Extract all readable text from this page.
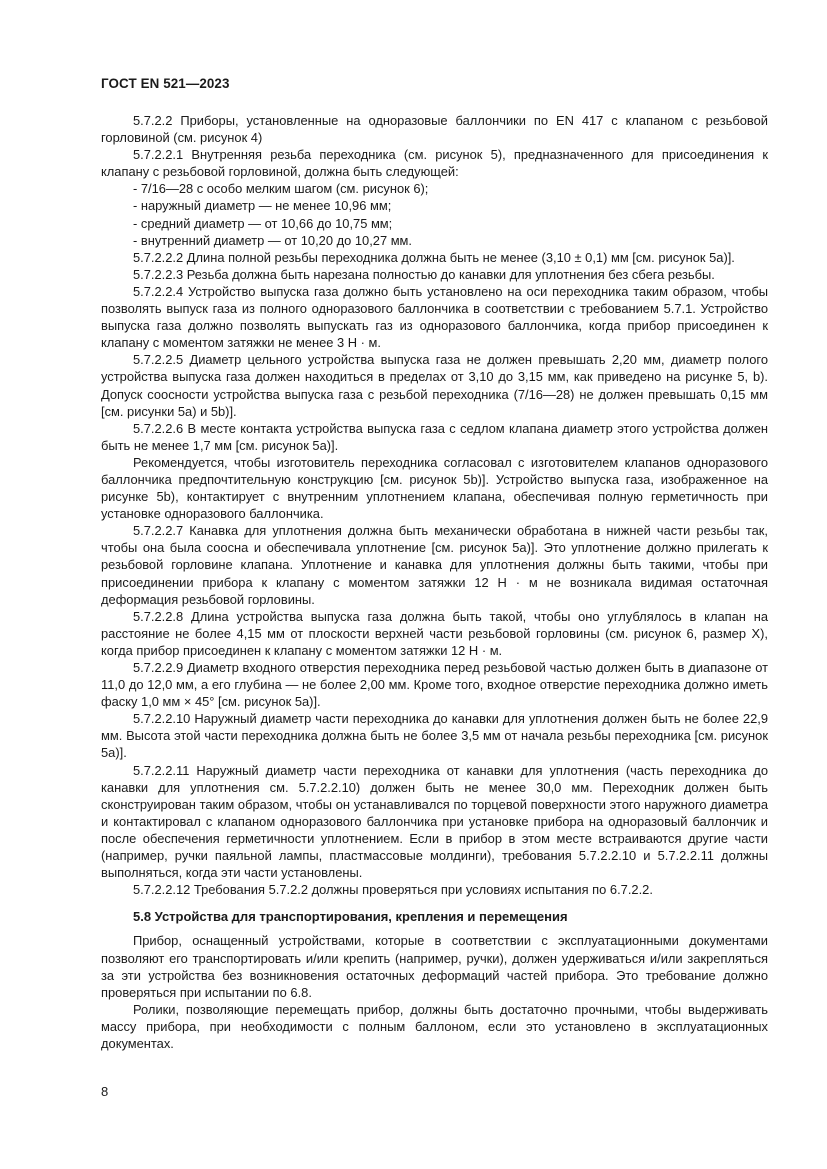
ГОСТ EN 521—2023

5.7.2.2 Приборы, установленные на одноразовые баллончики по EN 417 с клапаном с резьбовой горловиной (см. рисунок 4)

5.7.2.2.1 Внутренняя резьба переходника (см. рисунок 5), предназначенного для присоединения к клапану с резьбовой горловиной, должна быть следующей:

- 7/16—28 с особо мелким шагом (см. рисунок 6);

- наружный диаметр — не менее 10,96 мм;

- средний диаметр — от 10,66 до 10,75 мм;

- внутренний диаметр — от 10,20 до 10,27 мм.

5.7.2.2.2 Длина полной резьбы переходника должна быть не менее (3,10 ± 0,1) мм [см. рисунок 5a)].

5.7.2.2.3 Резьба должна быть нарезана полностью до канавки для уплотнения без сбега резьбы.

5.7.2.2.4 Устройство выпуска газа должно быть установлено на оси переходника таким образом, чтобы позволять выпуск газа из полного одноразового баллончика в соответствии с требованием 5.7.1. Устройство выпуска газа должно позволять выпускать газ из одноразового баллончика, когда прибор присоединен к клапану с моментом затяжки не менее 3 Н · м.

5.7.2.2.5 Диаметр цельного устройства выпуска газа не должен превышать 2,20 мм, диаметр полого устройства выпуска газа должен находиться в пределах от 3,10 до 3,15 мм, как приведено на рисунке 5, b). Допуск соосности устройства выпуска газа с резьбой переходника (7/16—28) не должен превышать 0,15 мм [см. рисунки 5a) и 5b)].

5.7.2.2.6 В месте контакта устройства выпуска газа с седлом клапана диаметр этого устройства должен быть не менее 1,7 мм [см. рисунок 5a)].

Рекомендуется, чтобы изготовитель переходника согласовал с изготовителем клапанов одноразового баллончика предпочтительную конструкцию [см. рисунок 5b)]. Устройство выпуска газа, изображенное на рисунке 5b), контактирует с внутренним уплотнением клапана, обеспечивая полную герметичность при установке одноразового баллончика.

5.7.2.2.7 Канавка для уплотнения должна быть механически обработана в нижней части резьбы так, чтобы она была соосна и обеспечивала уплотнение [см. рисунок 5a)]. Это уплотнение должно прилегать к резьбовой горловине клапана. Уплотнение и канавка для уплотнения должны быть такими, чтобы при присоединении прибора к клапану с моментом затяжки 12 Н · м не возникала видимая остаточная деформация резьбовой горловины.

5.7.2.2.8 Длина устройства выпуска газа должна быть такой, чтобы оно углублялось в клапан на расстояние не более 4,15 мм от плоскости верхней части резьбовой горловины (см. рисунок 6, размер X), когда прибор присоединен к клапану с моментом затяжки 12 Н · м.

5.7.2.2.9 Диаметр входного отверстия переходника перед резьбовой частью должен быть в диапазоне от 11,0 до 12,0 мм, а его глубина — не более 2,00 мм. Кроме того, входное отверстие переходника должно иметь фаску 1,0 мм × 45° [см. рисунок 5a)].

5.7.2.2.10 Наружный диаметр части переходника до канавки для уплотнения должен быть не более 22,9 мм. Высота этой части переходника должна быть не более 3,5 мм от начала резьбы переходника [см. рисунок 5a)].

5.7.2.2.11 Наружный диаметр части переходника от канавки для уплотнения (часть переходника до канавки для уплотнения см. 5.7.2.2.10) должен быть не менее 30,0 мм. Переходник должен быть сконструирован таким образом, чтобы он устанавливался по торцевой поверхности этого наружного диаметра и контактировал с клапаном одноразового баллончика при установке прибора на одноразовый баллончик и после обеспечения герметичности уплотнением. Если в прибор в этом месте встраиваются другие части (например, ручки паяльной лампы, пластмассовые молдинги), требования 5.7.2.2.10 и 5.7.2.2.11 должны выполняться, когда эти части установлены.

5.7.2.2.12 Требования 5.7.2.2 должны проверяться при условиях испытания по 6.7.2.2.

5.8 Устройства для транспортирования, крепления и перемещения

Прибор, оснащенный устройствами, которые в соответствии с эксплуатационными документами позволяют его транспортировать и/или крепить (например, ручки), должен удерживаться и/или закрепляться за эти устройства без возникновения остаточных деформаций частей прибора. Это требование должно проверяться при испытании по 6.8.

Ролики, позволяющие перемещать прибор, должны быть достаточно прочными, чтобы выдерживать массу прибора, при необходимости с полным баллоном, если это установлено в эксплуатационных документах.

8
